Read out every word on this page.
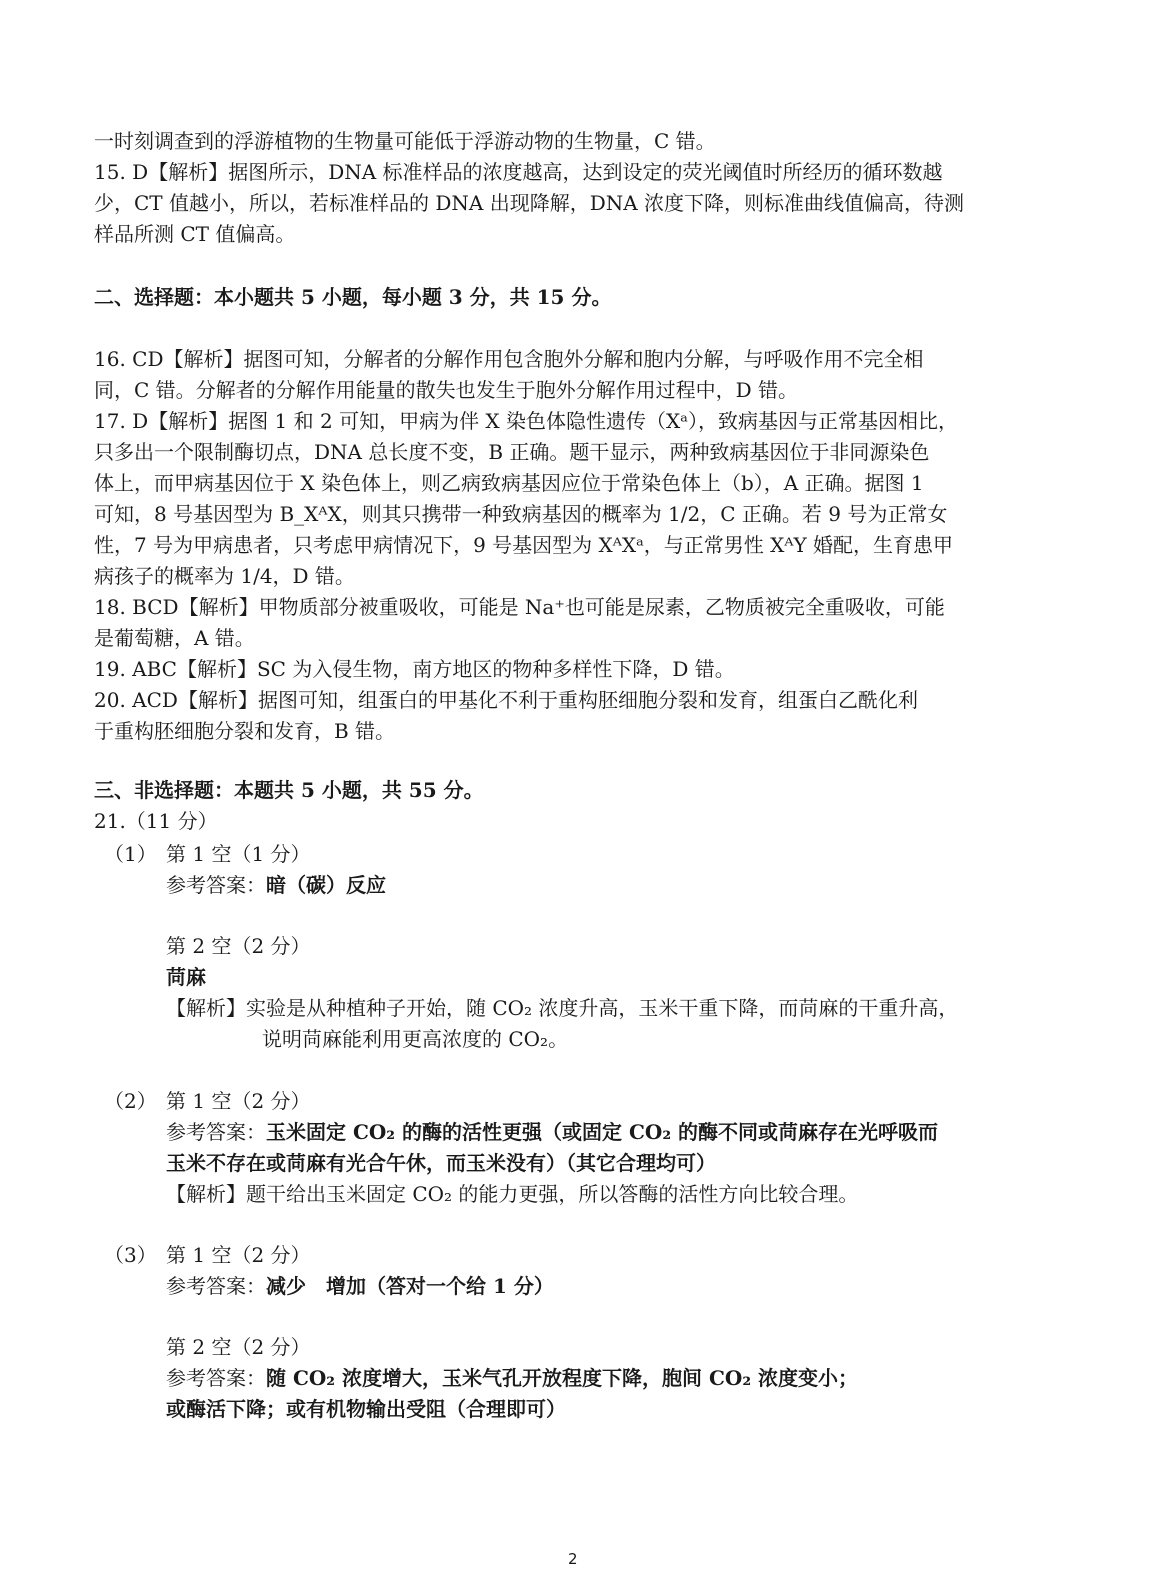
一时刻调查到的浮游植物的生物量可能低于浮游动物的生物量，C 错。
15. D【解析】据图所示，DNA 标准样品的浓度越高，达到设定的荧光阈值时所经历的循环数越
少，CT 值越小，所以，若标准样品的 DNA 出现降解，DNA 浓度下降，则标准曲线值偏高，待测
样品所测 CT 值偏高。
二、选择题：本小题共 5 小题，每小题 3 分，共 15 分。
16. CD【解析】据图可知，分解者的分解作用包含胞外分解和胞内分解，与呼吸作用不完全相
同，C 错。分解者的分解作用能量的散失也发生于胞外分解作用过程中，D 错。
17. D【解析】据图 1 和 2 可知，甲病为伴 X 染色体隐性遗传（Xᵃ），致病基因与正常基因相比，
只多出一个限制酶切点，DNA 总长度不变，B 正确。题干显示，两种致病基因位于非同源染色
体上，而甲病基因位于 X 染色体上，则乙病致病基因应位于常染色体上（b），A 正确。据图 1
可知，8 号基因型为 B_XᴬX，则其只携带一种致病基因的概率为 1/2，C 正确。若 9 号为正常女
性，7 号为甲病患者，只考虑甲病情况下，9 号基因型为 XᴬXᵃ，与正常男性 XᴬY 婚配，生育患甲
病孩子的概率为 1/4，D 错。
18. BCD【解析】甲物质部分被重吸收，可能是 Na⁺也可能是尿素，乙物质被完全重吸收，可能
是葡萄糖，A 错。
19. ABC【解析】SC 为入侵生物，南方地区的物种多样性下降，D 错。
20. ACD【解析】据图可知，组蛋白的甲基化不利于重构胚细胞分裂和发育，组蛋白乙酰化利
于重构胚细胞分裂和发育，B 错。
三、非选择题：本题共 5 小题，共 55 分。
21.（11 分）
（1） 第 1 空（1 分）
参考答案：暗（碳）反应
第 2 空（2 分）
苘麻
【解析】实验是从种植种子开始，随 CO₂ 浓度升高，玉米干重下降，而苘麻的干重升高，
说明苘麻能利用更高浓度的 CO₂。
（2） 第 1 空（2 分）
参考答案：玉米固定 CO₂ 的酶的活性更强（或固定 CO₂ 的酶不同或苘麻存在光呼吸而
玉米不存在或苘麻有光合午休，而玉米没有）（其它合理均可）
【解析】题干给出玉米固定 CO₂ 的能力更强，所以答酶的活性方向比较合理。
（3） 第 1 空（2 分）
参考答案：减少　增加（答对一个给 1 分）
第 2 空（2 分）
参考答案：随 CO₂ 浓度增大，玉米气孔开放程度下降，胞间 CO₂ 浓度变小；
或酶活下降；或有机物输出受阻（合理即可）
2
